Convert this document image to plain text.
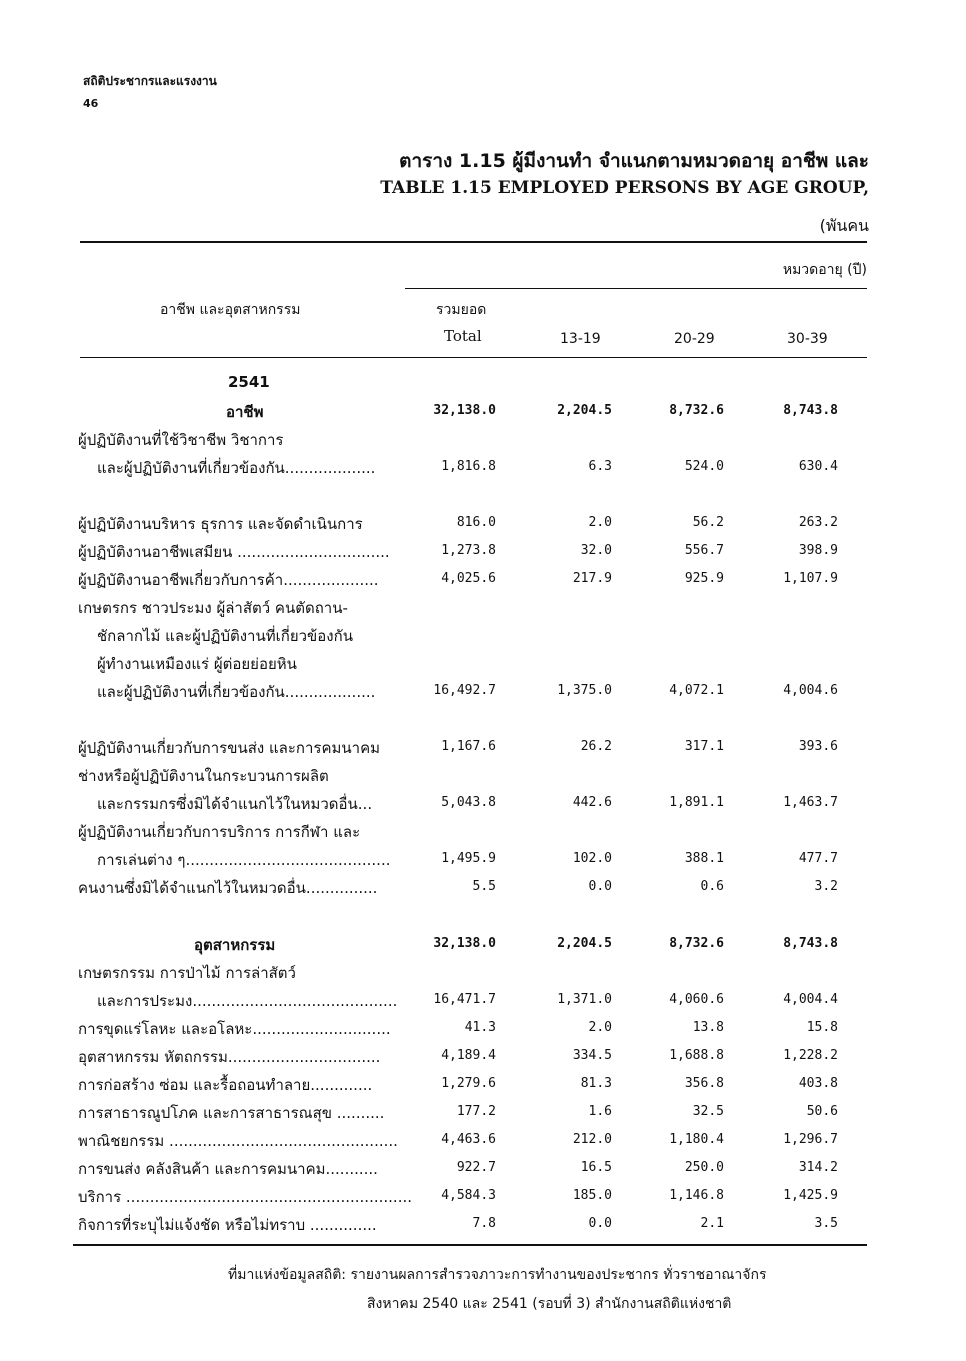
สถิติประชากรและแรงงาน
46
ตาราง 1.15 ผู้มีงานทำ จำแนกตามหมวดอายุ อาชีพ และ
TABLE 1.15 EMPLOYED PERSONS BY AGE GROUP,
(พันคน
หมวดอายุ (ปี)
อาชีพ และอุตสาหกรรม	รวมยอด
Total	13-19	20-29	30-39
2541
อาชีพ	32,138.0	2,204.5	8,732.6	8,743.8
ผู้ปฏิบัติงานที่ใช้วิชาชีพ วิชาการ
และผู้ปฏิบัติงานที่เกี่ยวข้องกัน...................	1,816.8	6.3	524.0	630.4
ผู้ปฏิบัติงานบริหาร ธุรการ และจัดดำเนินการ	816.0	2.0	56.2	263.2
ผู้ปฏิบัติงานอาชีพเสมียน ................................	1,273.8	32.0	556.7	398.9
ผู้ปฏิบัติงานอาชีพเกี่ยวกับการค้า....................	4,025.6	217.9	925.9	1,107.9
เกษตรกร ชาวประมง ผู้ล่าสัตว์ คนตัดถาน-
ชักลากไม้ และผู้ปฏิบัติงานที่เกี่ยวข้องกัน
ผู้ทำงานเหมืองแร่ ผู้ต่อยย่อยหิน
และผู้ปฏิบัติงานที่เกี่ยวข้องกัน...................	16,492.7	1,375.0	4,072.1	4,004.6
ผู้ปฏิบัติงานเกี่ยวกับการขนส่ง และการคมนาคม	1,167.6	26.2	317.1	393.6
ช่างหรือผู้ปฏิบัติงานในกระบวนการผลิต
และกรรมกรซึ่งมิได้จำแนกไว้ในหมวดอื่น...	5,043.8	442.6	1,891.1	1,463.7
ผู้ปฏิบัติงานเกี่ยวกับการบริการ การกีฬา และ
การเล่นต่าง ๆ...........................................	1,495.9	102.0	388.1	477.7
คนงานซึ่งมิได้จำแนกไว้ในหมวดอื่น...............	5.5	0.0	0.6	3.2
อุตสาหกรรม	32,138.0	2,204.5	8,732.6	8,743.8
เกษตรกรรม การป่าไม้ การล่าสัตว์
และการประมง...........................................	16,471.7	1,371.0	4,060.6	4,004.4
การขุดแร่โลหะ และอโลหะ.............................	41.3	2.0	13.8	15.8
อุตสาหกรรม หัตถกรรม................................	4,189.4	334.5	1,688.8	1,228.2
การก่อสร้าง ซ่อม และรื้อถอนทำลาย.............	1,279.6	81.3	356.8	403.8
การสาธารณูปโภค และการสาธารณสุข ..........	177.2	1.6	32.5	50.6
พาณิชยกรรม ................................................	4,463.6	212.0	1,180.4	1,296.7
การขนส่ง คลังสินค้า และการคมนาคม...........	922.7	16.5	250.0	314.2
บริการ ............................................................ 4,584.3	185.0	1,146.8	1,425.9
กิจการที่ระบุไม่แจ้งชัด หรือไม่ทราบ ..............	7.8	0.0	2.1	3.5
ที่มาแห่งข้อมูลสถิติ: รายงานผลการสำรวจภาวะการทำงานของประชากร ทั่วราชอาณาจักร
สิงหาคม 2540 และ 2541 (รอบที่ 3) สำนักงานสถิติแห่งชาติ
